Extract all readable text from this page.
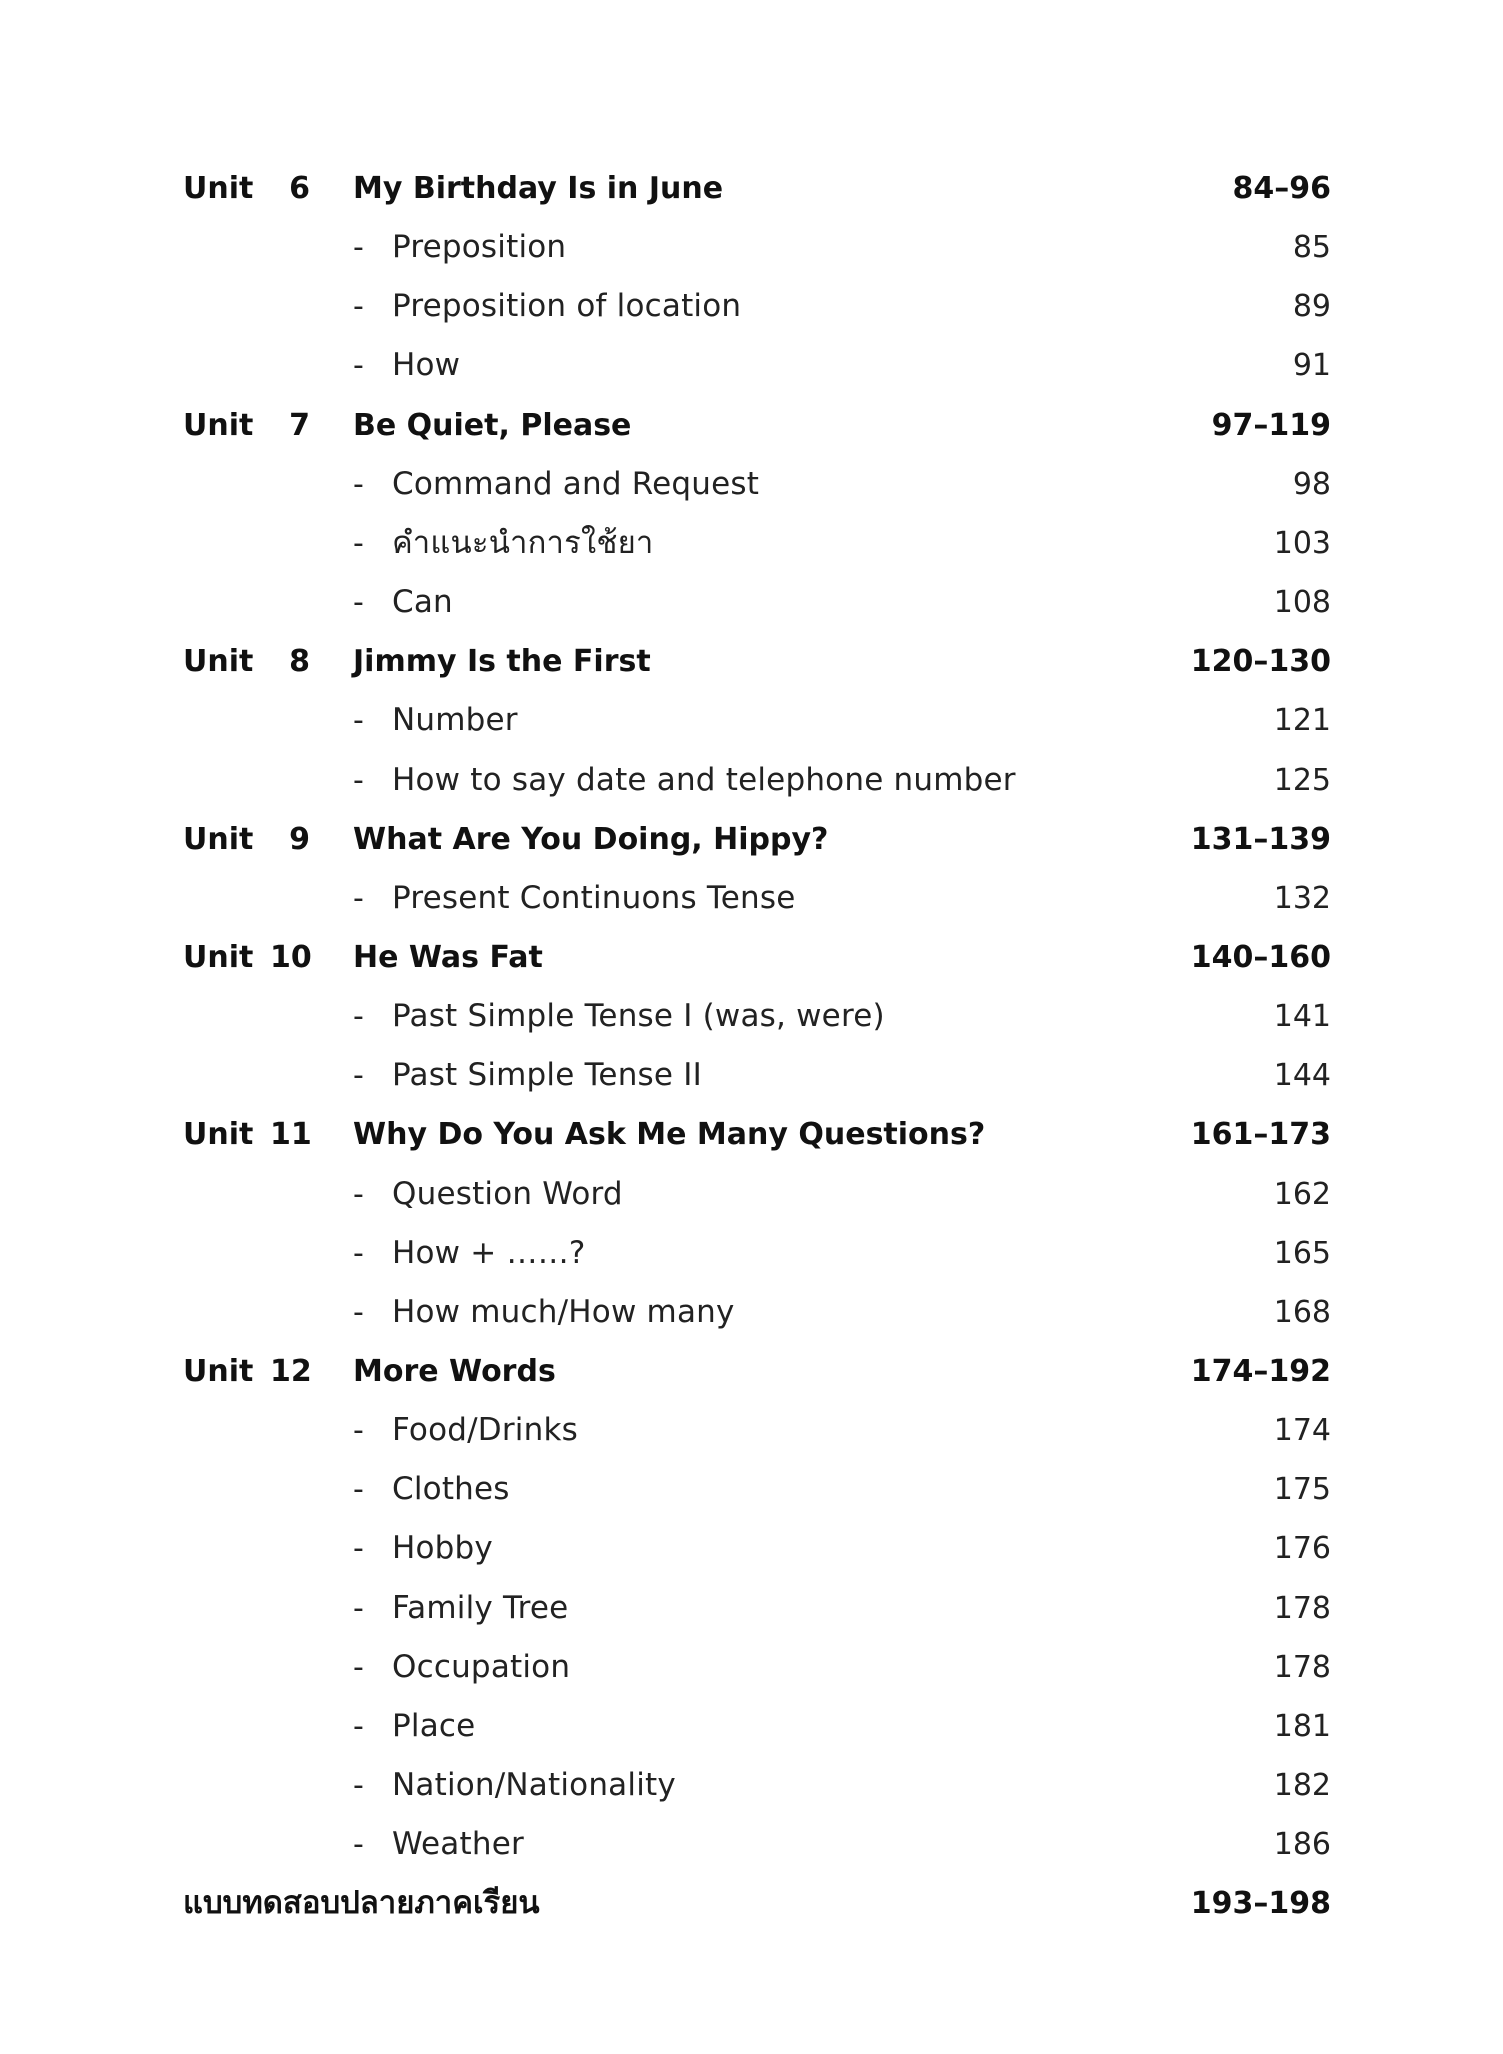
Unit	6 My Birthday Is in June	84–96
- Preposition	85
- Preposition of location	89
- How	91
Unit	7 Be Quiet, Please	97–119
- Command and Request	98
- คำแนะนำการใช้ยา	103
- Can	108
Unit	8 Jimmy Is the First	120–130
- Number	121
- How to say date and telephone number	125
Unit	9 What Are You Doing, Hippy?	131–139
- Present Continuons Tense	132
Unit 10 He Was Fat	140–160
- Past Simple Tense I (was, were)	141
- Past Simple Tense II	144
Unit 11 Why Do You Ask Me Many Questions?	161–173
- Question Word	162
- How + ……?	165
- How much/How many	168
Unit 12 More Words	174–192
- Food/Drinks	174
- Clothes	175
- Hobby	176
- Family Tree	178
- Occupation	178
- Place	181
- Nation/Nationality	182
- Weather	186
แบบทดสอบปลายภาคเรียน	193–198
